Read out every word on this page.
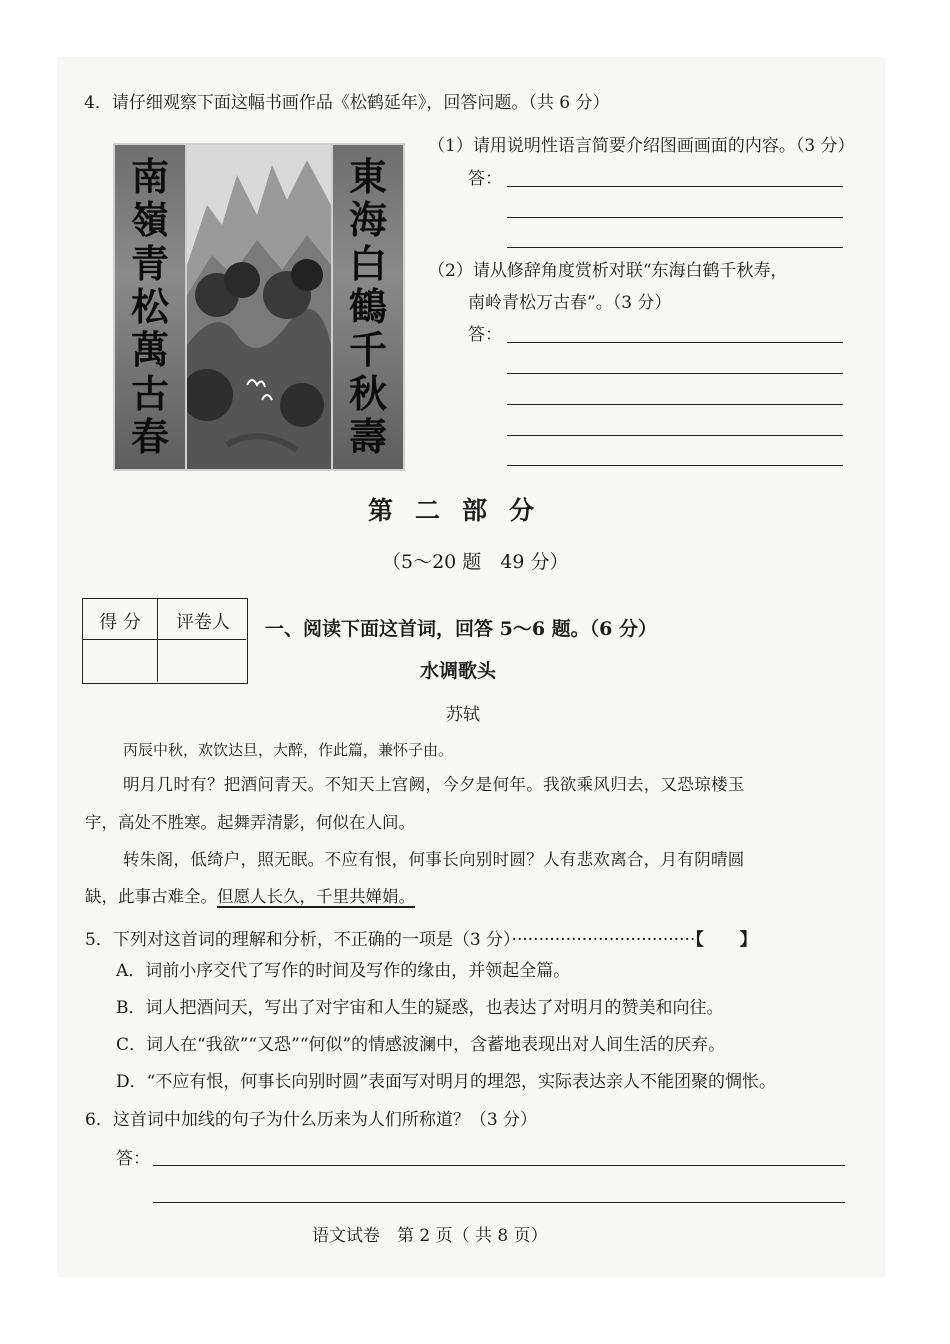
4．请仔细观察下面这幅书画作品《松鹤延年》，回答问题。（共 6 分）
南
嶺
青
松
萬
古
春
東
海
白
鶴
千
秋
壽
（1）请用说明性语言简要介绍图画画面的内容。（3 分）
答：
（2）请从修辞角度赏析对联“东海白鹤千秋寿，
南岭青松万古春”。（3 分）
答：
第二部分
（5～20 题　49 分）
得 分	评卷人	一、阅读下面这首词，回答 5～6 题。（6 分）
水调歌头
苏轼
丙辰中秋，欢饮达旦，大醉，作此篇，兼怀子由。
明月几时有？把酒问青天。不知天上宫阙，今夕是何年。我欲乘风归去，又恐琼楼玉
宇，高处不胜寒。起舞弄清影，何似在人间。
转朱阁，低绮户，照无眠。不应有恨，何事长向别时圆？人有悲欢离合，月有阴晴圆
缺，此事古难全。但愿人长久，千里共婵娟。
5．下列对这首词的理解和分析，不正确的一项是（3 分）··································【 】
A．词前小序交代了写作的时间及写作的缘由，并领起全篇。
B．词人把酒问天，写出了对宇宙和人生的疑惑，也表达了对明月的赞美和向往。
C．词人在“我欲”“又恐”“何似”的情感波澜中，含蓄地表现出对人间生活的厌弃。
D．“不应有恨，何事长向别时圆”表面写对明月的埋怨，实际表达亲人不能团聚的惆怅。
6．这首词中加线的句子为什么历来为人们所称道？（3 分）
答：
语文试卷　第 2 页（ 共 8 页）
